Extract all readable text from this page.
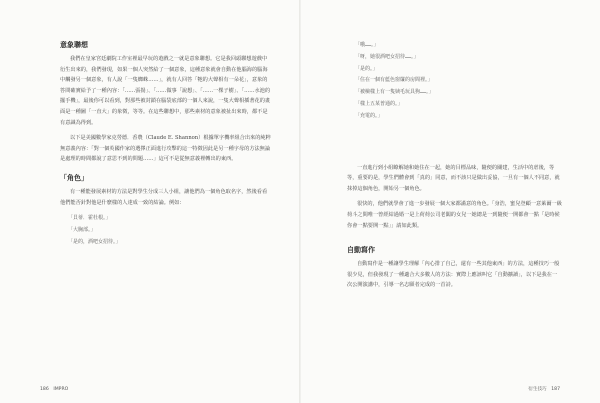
意象聯想

我們在皇家宮廷劇院工作室裡最早玩的遊戲之一就是意象聯想。它是我回頭聯想遊戲中衍生出來的，我們發現，如果一個人突然給了一個意象，這種意象就會自動在他腦海的腦海中觸發另一個意象，有人說「一隻蜘蛛……」，就有人回答「牠的大聲相有一朵花」，意象的答問確實給予了一種內容：「……張揚」、「……做事「說想」、「……一棵子樹」、「……水池的擺手機」，最後你可以看到，對那些被封鎖在腦袋底部的一個人來說，一隻大聲相插著花的畫面是一種圖「一直大」的象徵，等等。在這些聯想中，那些素材的意象被扯出來時，都不是有意識為得到。

以下是美國數學家克勞德．香農（Claude E. Shannon）根據單字機率組合出來的純粹無意義內容：「對一個英國作家的選擇正面進行攻擊的這一特徵因此是另一種字母的方法無論是處理的時間都說了意思不到的問題……」這可不是從無意義裡轉出的東西。

「角色」

有一種能發展素材的方法是對學生分成三人小組，讓他們為一個角色取名字，然後看看他們能否針對他是什麼樣的人達成一致的結論。例如：

「貝蒂．霍杜根。」

「大胸部。」

「是的，酒吧女招待。」

186　IMPRO

「哦……。」

「呀，她很酒吧女招待……。」

「是的。」

「住在一個有藍色窗簾的房間裡。」

「被檢樣上有一隻姨毛玩具狗……。」

「樣上五某普通的。」

「充電的。」

一直進行到小組瞭解她和她住在一起，她的目標品味，隨便的關建，生活中的虐後，等等，重要的是，學生們體會到「真的」同意，而不該只是做出妥協，一旦有一個人不同意，就抹掉這個角色，開始另一個角色。

很快的，他們就學會了進一步發展一個大家都滿意的角色。「身浩，蜜兒登顧一意萊爾一級荷斗之間唯一曾經結過婚一是上荷荷公司老闆的女兒一她總是一到隨便一開都會一點「是時候你會一點要開一點」」請如此類。

自動寫作

自動寫作是一種讓學生理解「內心排了自己，還有一些其他東西」的方法，這種技巧一般很少見，但我發現了一種適合大多數人的方法：實際上應該叫它「自動擴讀」，以下是我在一次公開演講中，引導一名志願者完成的一首詩。

衍生技巧　187
